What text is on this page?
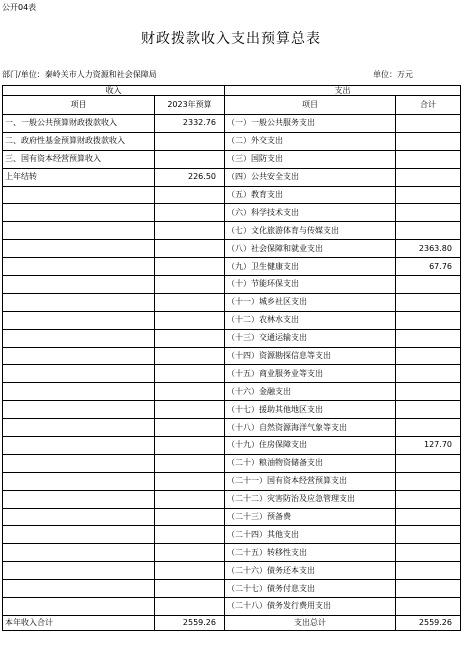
公开04表
财政拨款收入支出预算总表
部门/单位：秦岭关市人力资源和社会保障局	单位：万元
收入		支出	
项目	2023年预算	项目	合计
一、一般公共预算财政拨款收入	2332.76	（一）一般公共服务支出	
二、政府性基金预算财政拨款收入		（二）外交支出	
三、国有资本经营预算收入		（三）国防支出	
上年结转	226.50	（四）公共安全支出	
		（五）教育支出	
		（六）科学技术支出	
		（七）文化旅游体育与传媒支出	
		（八）社会保障和就业支出	2363.80
		（九）卫生健康支出	67.76
		（十）节能环保支出	
		（十一）城乡社区支出	
		（十二）农林水支出	
		（十三）交通运输支出	
		（十四）资源勘探信息等支出	
		（十五）商业服务业等支出	
		（十六）金融支出	
		（十七）援助其他地区支出	
		（十八）自然资源海洋气象等支出	
		（十九）住房保障支出	127.70
		（二十）粮油物资储备支出	
		（二十一）国有资本经营预算支出	
		（二十二）灾害防治及应急管理支出	
		（二十三）预备费	
		（二十四）其他支出	
		（二十五）转移性支出	
		（二十六）债务还本支出	
		（二十七）债务付息支出	
		（二十八）债务发行费用支出	
本年收入合计	2559.26	支出总计	2559.26
